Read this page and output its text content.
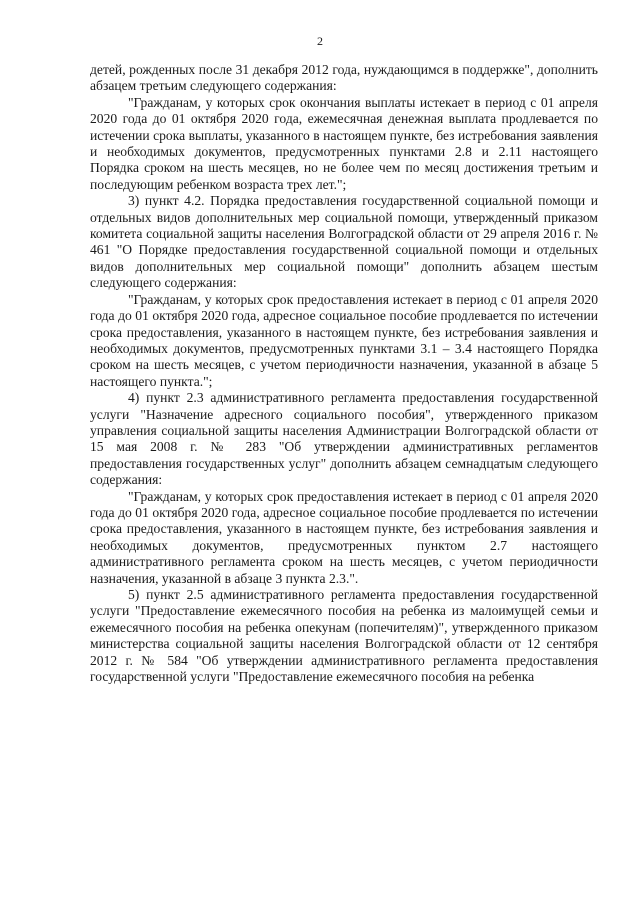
2

детей, рожденных после 31 декабря 2012 года, нуждающимся в поддержке", дополнить абзацем третьим следующего содержания:

"Гражданам, у которых срок окончания выплаты истекает в период с 01 апреля 2020 года до 01 октября 2020 года, ежемесячная денежная выплата продлевается по истечении срока выплаты, указанного в настоящем пункте, без истребования заявления и необходимых документов, предусмотренных пунктами 2.8 и 2.11 настоящего Порядка сроком на шесть месяцев, но не более чем по месяц достижения третьим и последующим ребенком возраста трех лет.";

3) пункт 4.2. Порядка предоставления государственной социальной помощи и отдельных видов дополнительных мер социальной помощи, утвержденный приказом комитета социальной защиты населения Волгоградской области от 29 апреля 2016 г. № 461 "О Порядке предоставления государственной социальной помощи и отдельных видов дополнительных мер социальной помощи" дополнить абзацем шестым следующего содержания:

"Гражданам, у которых срок предоставления истекает в период с 01 апреля 2020 года до 01 октября 2020 года, адресное социальное пособие продлевается по истечении срока предоставления, указанного в настоящем пункте, без истребования заявления и необходимых документов, предусмотренных пунктами 3.1 – 3.4 настоящего Порядка сроком на шесть месяцев, с учетом периодичности назначения, указанной в абзаце 5 настоящего пункта.";

4) пункт 2.3 административного регламента предоставления государственной услуги "Назначение адресного социального пособия", утвержденного приказом управления социальной защиты населения Администрации Волгоградской области от 15 мая 2008 г. № 283 "Об утверждении административных регламентов предоставления государственных услуг" дополнить абзацем семнадцатым следующего содержания:

"Гражданам, у которых срок предоставления истекает в период с 01 апреля 2020 года до 01 октября 2020 года, адресное социальное пособие продлевается по истечении срока предоставления, указанного в настоящем пункте, без истребования заявления и необходимых документов, предусмотренных пунктом 2.7 настоящего административного регламента сроком на шесть месяцев, с учетом периодичности назначения, указанной в абзаце 3 пункта 2.3.".

5) пункт 2.5 административного регламента предоставления государственной услуги "Предоставление ежемесячного пособия на ребенка из малоимущей семьи и ежемесячного пособия на ребенка опекунам (попечителям)", утвержденного приказом министерства социальной защиты населения Волгоградской области от 12 сентября 2012 г. № 584 "Об утверждении административного регламента предоставления государственной услуги "Предоставление ежемесячного пособия на ребенка
